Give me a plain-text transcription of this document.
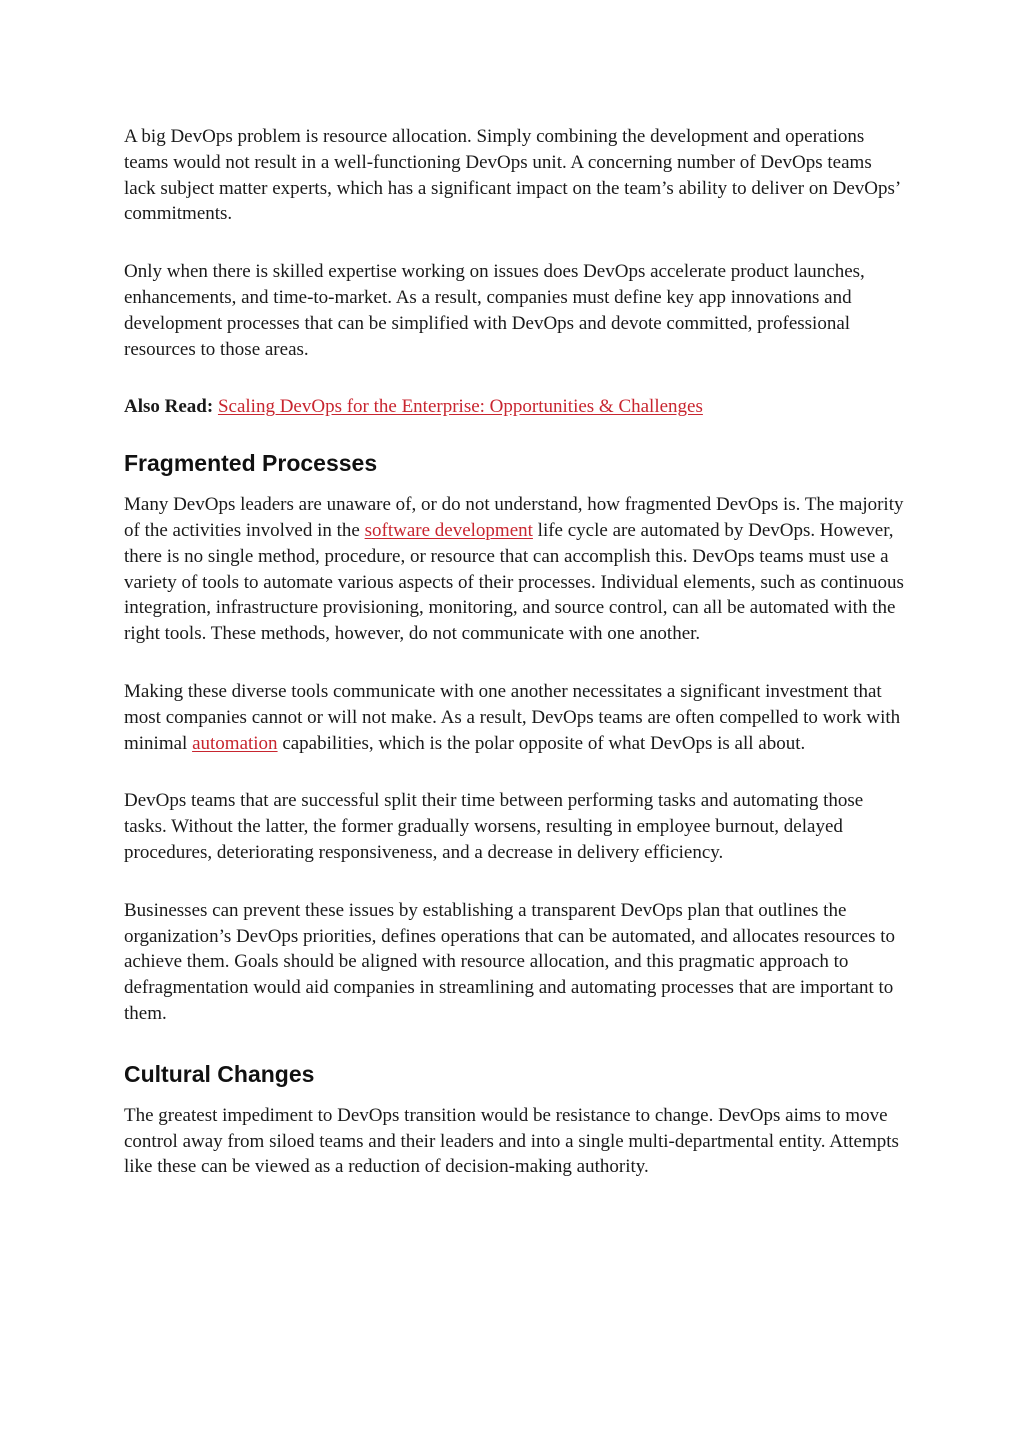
A big DevOps problem is resource allocation. Simply combining the development and operations teams would not result in a well-functioning DevOps unit. A concerning number of DevOps teams lack subject matter experts, which has a significant impact on the team’s ability to deliver on DevOps’ commitments.

Only when there is skilled expertise working on issues does DevOps accelerate product launches, enhancements, and time-to-market. As a result, companies must define key app innovations and development processes that can be simplified with DevOps and devote committed, professional resources to those areas.

Also Read: Scaling DevOps for the Enterprise: Opportunities & Challenges

Fragmented Processes

Many DevOps leaders are unaware of, or do not understand, how fragmented DevOps is. The majority of the activities involved in the software development life cycle are automated by DevOps. However, there is no single method, procedure, or resource that can accomplish this. DevOps teams must use a variety of tools to automate various aspects of their processes. Individual elements, such as continuous integration, infrastructure provisioning, monitoring, and source control, can all be automated with the right tools. These methods, however, do not communicate with one another.

Making these diverse tools communicate with one another necessitates a significant investment that most companies cannot or will not make. As a result, DevOps teams are often compelled to work with minimal automation capabilities, which is the polar opposite of what DevOps is all about.

DevOps teams that are successful split their time between performing tasks and automating those tasks. Without the latter, the former gradually worsens, resulting in employee burnout, delayed procedures, deteriorating responsiveness, and a decrease in delivery efficiency.

Businesses can prevent these issues by establishing a transparent DevOps plan that outlines the organization’s DevOps priorities, defines operations that can be automated, and allocates resources to achieve them. Goals should be aligned with resource allocation, and this pragmatic approach to defragmentation would aid companies in streamlining and automating processes that are important to them.

Cultural Changes

The greatest impediment to DevOps transition would be resistance to change. DevOps aims to move control away from siloed teams and their leaders and into a single multi-departmental entity. Attempts like these can be viewed as a reduction of decision-making authority.
